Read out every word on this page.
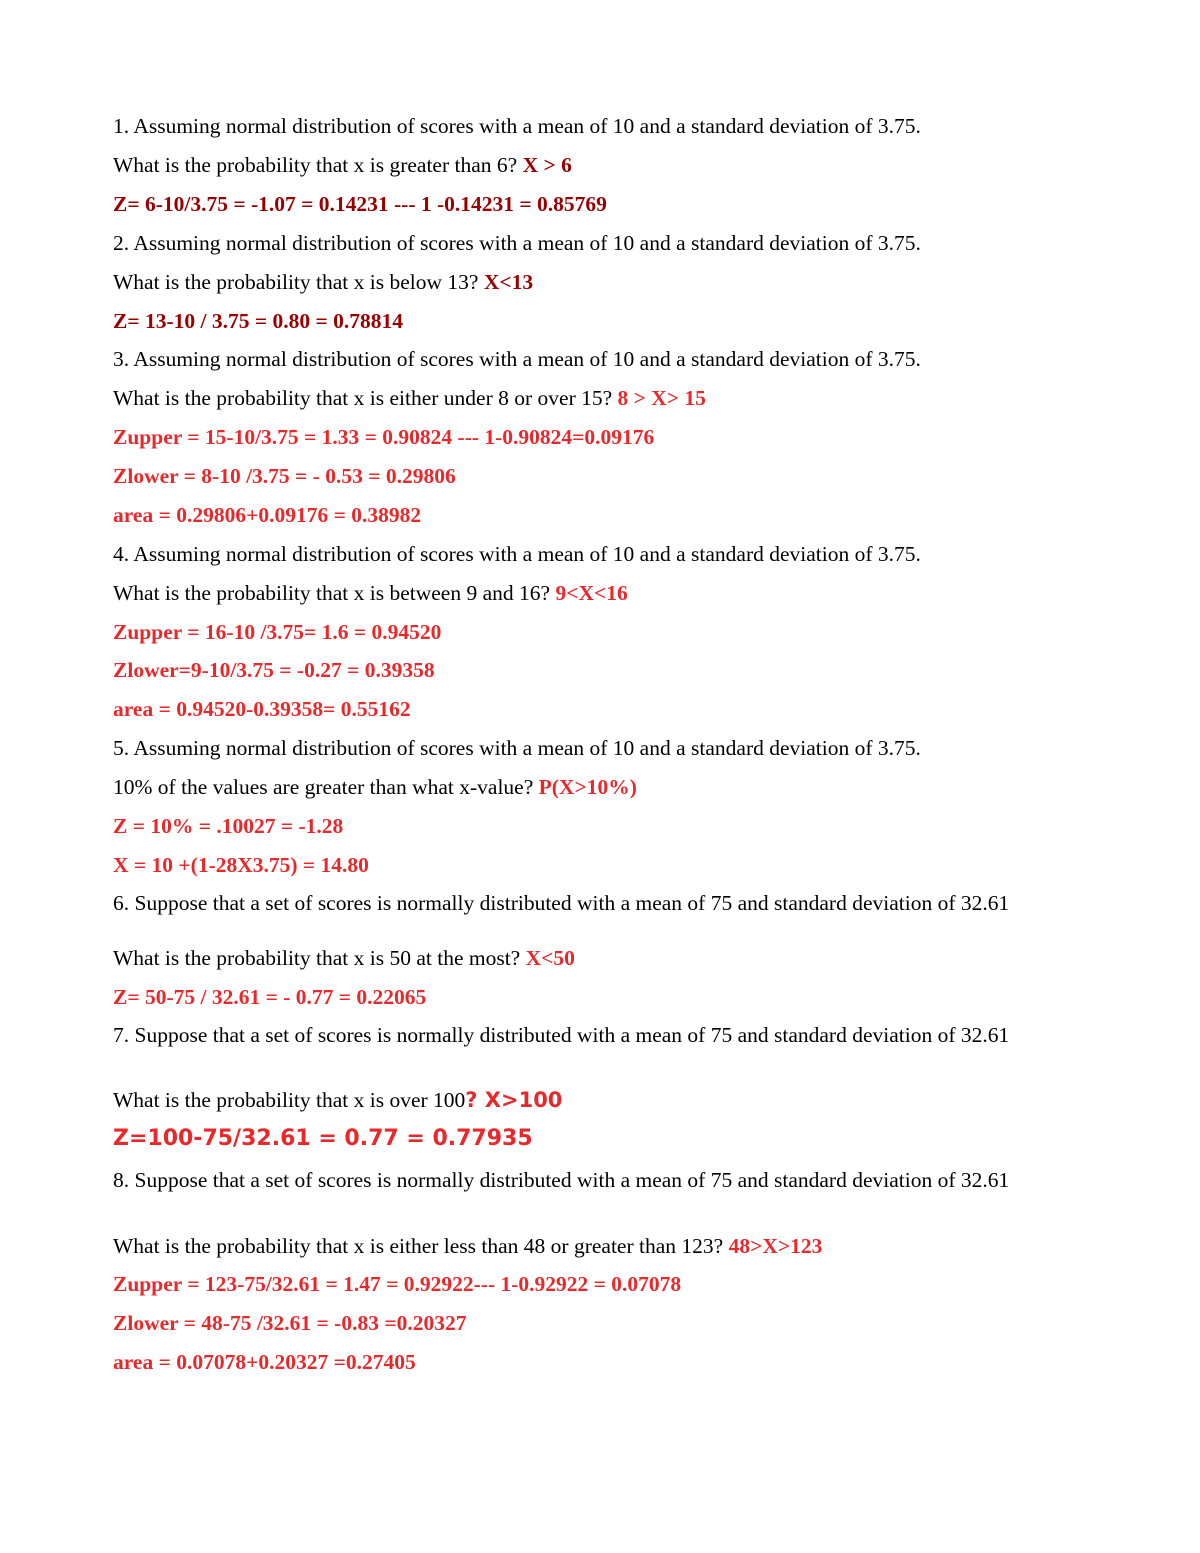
1. Assuming normal distribution of scores with a mean of 10 and a standard deviation of 3.75.
What is the probability that x is greater than 6? X > 6
Z= 6-10/3.75 = -1.07 = 0.14231 --- 1 -0.14231 = 0.85769
2. Assuming normal distribution of scores with a mean of 10 and a standard deviation of 3.75.
What is the probability that x is below 13? X<13
Z= 13-10 / 3.75 = 0.80 = 0.78814
3. Assuming normal distribution of scores with a mean of 10 and a standard deviation of 3.75.
What is the probability that x is either under 8 or over 15? 8 > X> 15
Zupper = 15-10/3.75 = 1.33 = 0.90824 --- 1-0.90824=0.09176
Zlower = 8-10 /3.75 = - 0.53 = 0.29806
area = 0.29806+0.09176 = 0.38982
4. Assuming normal distribution of scores with a mean of 10 and a standard deviation of 3.75.
What is the probability that x is between 9 and 16? 9<X<16
Zupper = 16-10 /3.75= 1.6 = 0.94520
Zlower=9-10/3.75 = -0.27 = 0.39358
area = 0.94520-0.39358= 0.55162
5. Assuming normal distribution of scores with a mean of 10 and a standard deviation of 3.75.
10% of the values are greater than what x-value? P(X>10%)
Z = 10% = .10027 = -1.28
X = 10 +(1-28X3.75) = 14.80
6. Suppose that a set of scores is normally distributed with a mean of 75 and standard deviation of 32.61
What is the probability that x is 50 at the most? X<50
Z= 50-75 / 32.61 = - 0.77 = 0.22065
7. Suppose that a set of scores is normally distributed with a mean of 75 and standard deviation of 32.61
What is the probability that x is over 100? X>100
Z=100-75/32.61 = 0.77 = 0.77935
8. Suppose that a set of scores is normally distributed with a mean of 75 and standard deviation of 32.61
What is the probability that x is either less than 48 or greater than 123? 48>X>123
Zupper = 123-75/32.61 = 1.47 = 0.92922--- 1-0.92922 = 0.07078
Zlower = 48-75 /32.61 = -0.83 =0.20327
area = 0.07078+0.20327 =0.27405
